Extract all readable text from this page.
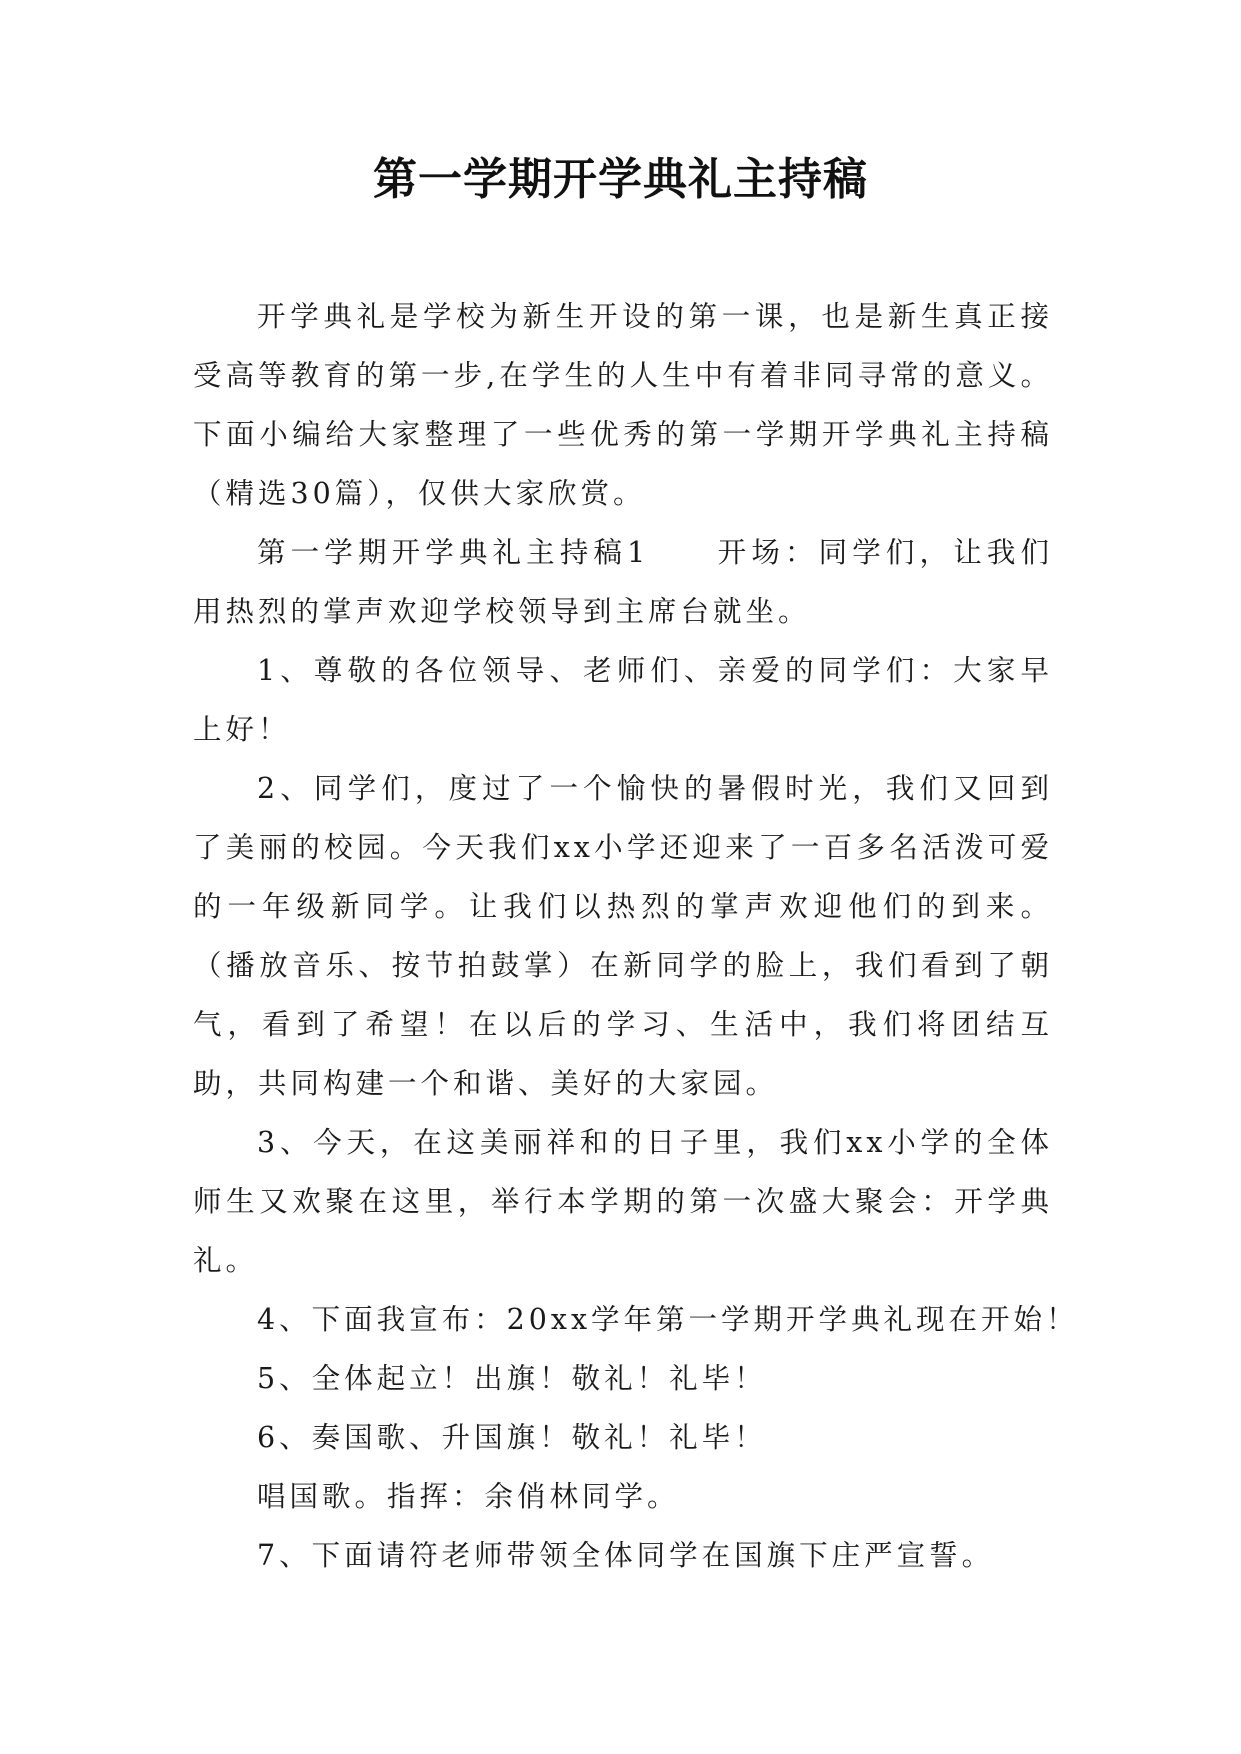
第一学期开学典礼主持稿

开学典礼是学校为新生开设的第一课，也是新生真正接受高等教育的第一步,在学生的人生中有着非同寻常的意义。下面小编给大家整理了一些优秀的第一学期开学典礼主持稿（精选30篇），仅供大家欣赏。

第一学期开学典礼主持稿1　　开场：同学们，让我们用热烈的掌声欢迎学校领导到主席台就坐。

1、尊敬的各位领导、老师们、亲爱的同学们：大家早上好！

2、同学们，度过了一个愉快的暑假时光，我们又回到了美丽的校园。今天我们xx小学还迎来了一百多名活泼可爱的一年级新同学。让我们以热烈的掌声欢迎他们的到来。（播放音乐、按节拍鼓掌）在新同学的脸上，我们看到了朝气，看到了希望！在以后的学习、生活中，我们将团结互助，共同构建一个和谐、美好的大家园。

3、今天，在这美丽祥和的日子里，我们xx小学的全体师生又欢聚在这里，举行本学期的第一次盛大聚会：开学典礼。

4、下面我宣布：20xx学年第一学期开学典礼现在开始！

5、全体起立！出旗！敬礼！礼毕！

6、奏国歌、升国旗！敬礼！礼毕！

唱国歌。指挥：余俏林同学。

7、下面请符老师带领全体同学在国旗下庄严宣誓。
